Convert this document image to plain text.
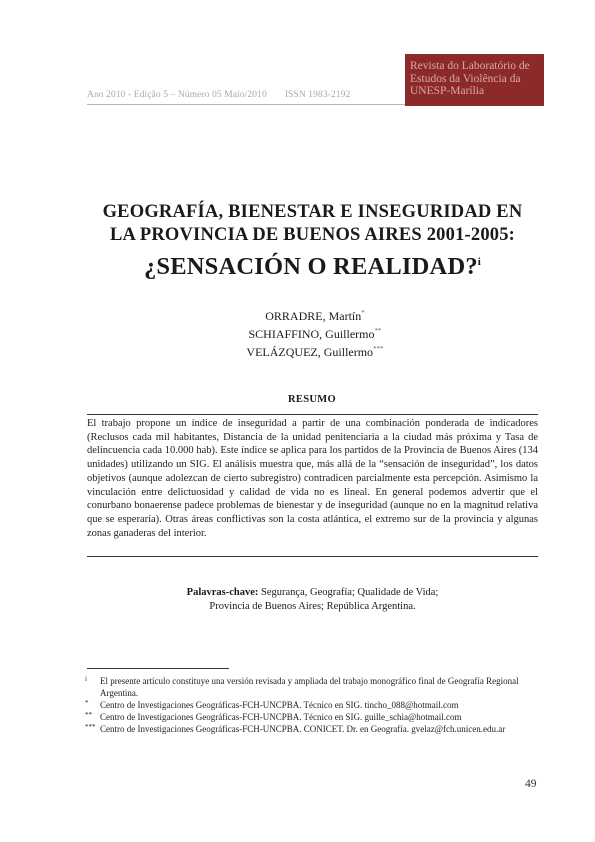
Ano 2010 - Edição 5 – Número 05 Maio/2010 ISSN 1983-2192
Revista do Laboratório de Estudos da Violência da UNESP-Marília
GEOGRAFÍA, BIENESTAR E INSEGURIDAD EN
LA PROVINCIA DE BUENOS AIRES 2001-2005:
¿SENSACIÓN O REALIDAD?$^i$
ORRADRE, Martín*
SCHIAFFINO, Guillermo**
VELÁZQUEZ, Guillermo***
RESUMO

El trabajo propone un índice de inseguridad a partir de una combinación ponderada de indicadores (Reclusos cada mil habitantes, Distancia de la unidad penitenciaria a la ciudad más próxima y Tasa de delincuencia cada 10.000 hab). Este índice se aplica para los partidos de la Provincia de Buenos Aires (134 unidades) utilizando un SIG. El análisis muestra que, más allá de la “sensación de inseguridad”, los datos objetivos (aunque adolezcan de cierto subregistro) contradicen parcialmente esta percepción. Asimismo la vinculación entre delictuosidad y calidad de vida no es lineal. En general podemos advertir que el conurbano bonaerense padece problemas de bienestar y de inseguridad (aunque no en la magnitud relativa que se esperaría). Otras áreas conflictivas son la costa atlántica, el extremo sur de la provincia y algunas zonas ganaderas del interior.

Palavras-chave: Segurança, Geografía; Qualidade de Vida;
Provincia de Buenos Aires; República Argentina.
i El presente artículo constituye una versión revisada y ampliada del trabajo monográfico final de Geografía Regional Argentina.
* Centro de Investigaciones Geográficas-FCH-UNCPBA. Técnico en SIG. tincho_088@hotmail.com
** Centro de Investigaciones Geográficas-FCH-UNCPBA. Técnico en SIG. guille_schia@hotmail.com
*** Centro de Investigaciones Geográficas-FCH-UNCPBA. CONICET. Dr. en Geografía. gvelaz@fch.unicen.edu.ar
49
